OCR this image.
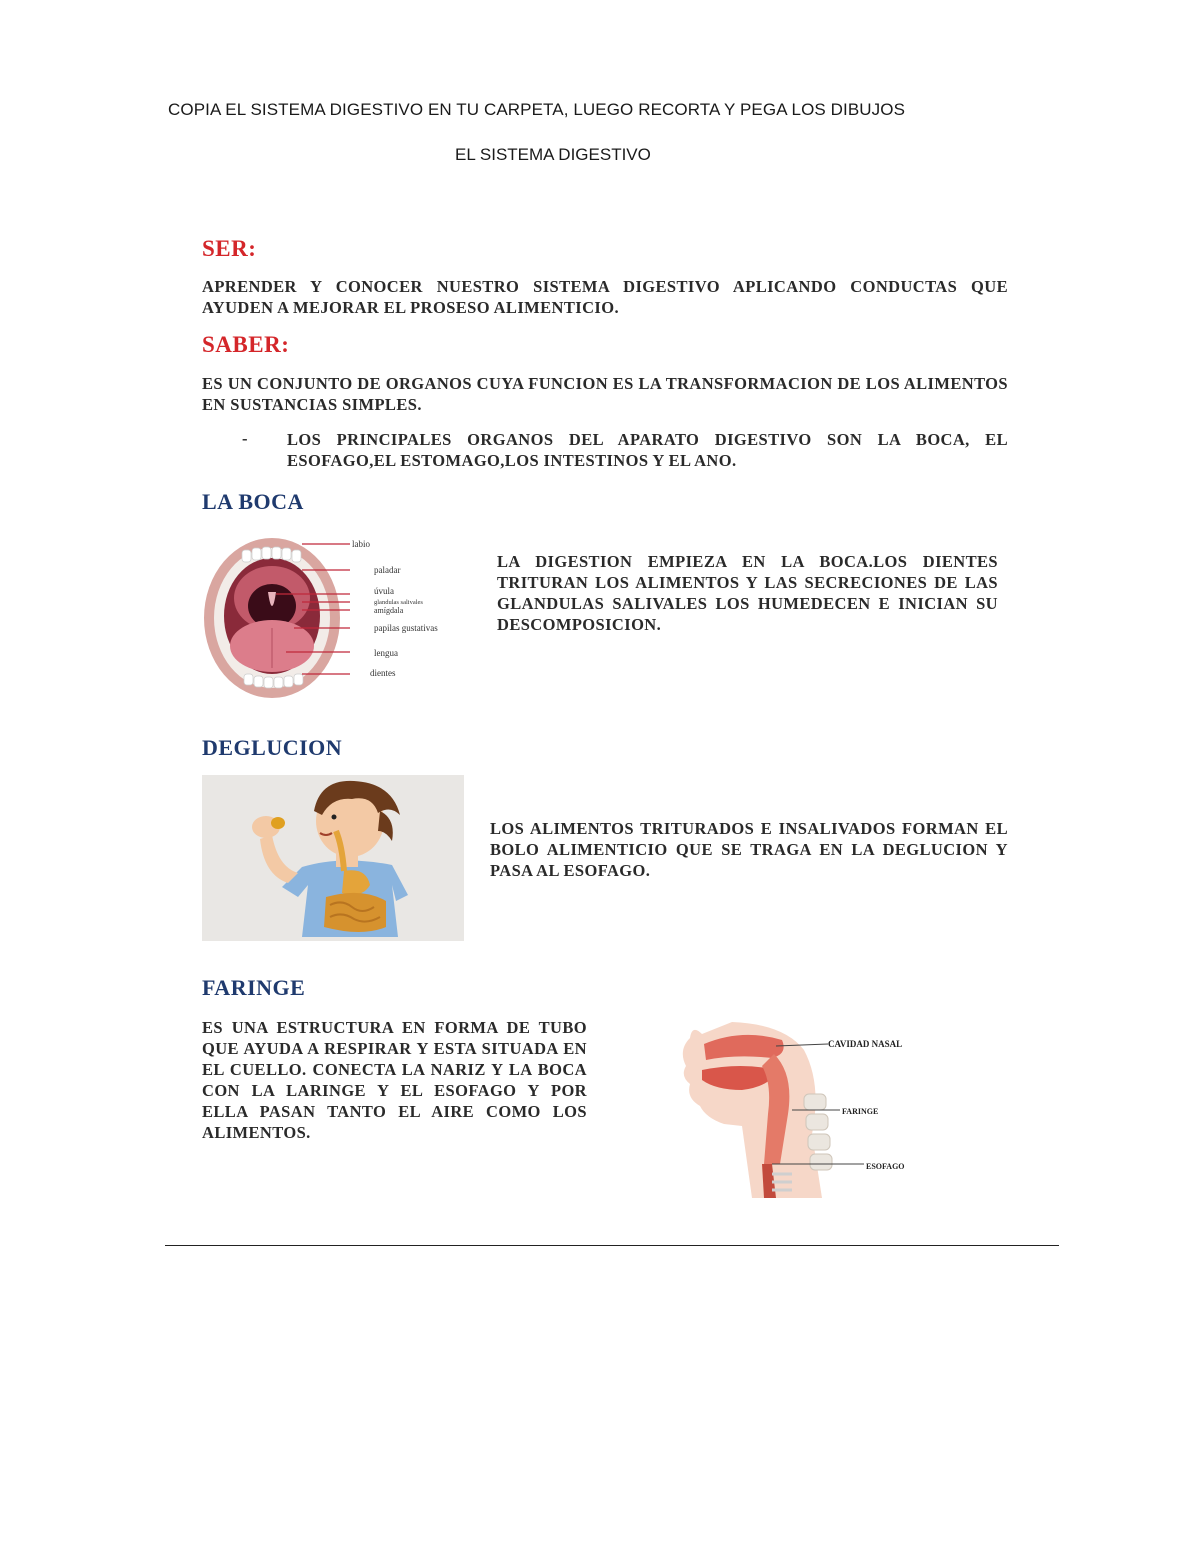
COPIA EL SISTEMA DIGESTIVO EN TU CARPETA, LUEGO RECORTA Y PEGA LOS DIBUJOS
EL SISTEMA DIGESTIVO
SER:
APRENDER Y CONOCER NUESTRO SISTEMA DIGESTIVO APLICANDO CONDUCTAS QUE AYUDEN A MEJORAR EL PROSESO ALIMENTICIO.
SABER:
ES UN CONJUNTO DE ORGANOS CUYA FUNCION ES LA TRANSFORMACION DE LOS ALIMENTOS EN SUSTANCIAS SIMPLES.
- LOS PRINCIPALES ORGANOS DEL APARATO DIGESTIVO SON LA BOCA, EL ESOFAGO,EL ESTOMAGO,LOS INTESTINOS Y EL ANO.
LA BOCA
labio
paladar
úvula
glandulas salivales
amígdala
papilas gustativas
lengua
dientes
LA DIGESTION EMPIEZA EN LA BOCA.LOS DIENTES TRITURAN LOS ALIMENTOS Y LAS SECRECIONES DE LAS GLANDULAS SALIVALES LOS HUMEDECEN E INICIAN SU DESCOMPOSICION.
DEGLUCION
LOS ALIMENTOS TRITURADOS E INSALIVADOS FORMAN EL BOLO ALIMENTICIO QUE SE TRAGA EN LA DEGLUCION Y PASA AL ESOFAGO.
FARINGE
ES UNA ESTRUCTURA EN FORMA DE TUBO QUE AYUDA A RESPIRAR Y ESTA SITUADA EN EL CUELLO. CONECTA LA NARIZ Y LA BOCA CON LA LARINGE Y EL ESOFAGO Y POR ELLA PASAN TANTO EL AIRE COMO LOS ALIMENTOS.
CAVIDAD NASAL
FARINGE
ESOFAGO
